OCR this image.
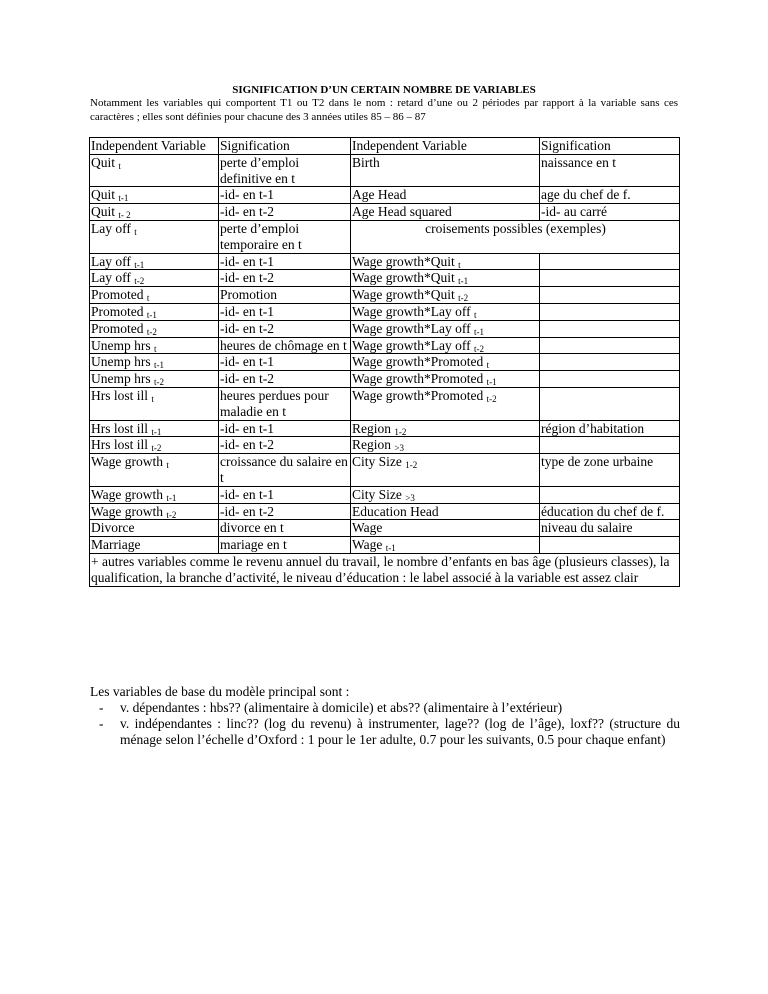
SIGNIFICATION D’UN CERTAIN NOMBRE DE VARIABLES
Notamment les variables qui comportent T1 ou T2 dans le nom : retard d’une ou 2 périodes par rapport à la variable sans ces caractères ; elles sont définies pour chacune des 3 années utiles 85 – 86 – 87
Independent Variable	Signification	Independent Variable	Signification
Quit $_t$	perte d’emploi definitive en t	Birth	naissance en t
Quit $_{t-1}$	-id- en t-1	Age Head	age du chef de f.
Quit $_{t- 2}$	-id- en t-2	Age Head squared	-id- au carré
Lay off $_t$	perte d’emploi temporaire en t	croisements possibles (exemples)	
Lay off $_{t-1}$	-id- en t-1	Wage growth*Quit $_t$	
Lay off $_{t-2}$	-id- en t-2	Wage growth*Quit $_{t-1}$	
Promoted $_t$	Promotion	Wage growth*Quit $_{t-2}$	
Promoted $_{t-1}$	-id- en t-1	Wage growth*Lay off $_t$	
Promoted $_{t-2}$	-id- en t-2	Wage growth*Lay off $_{t-1}$	
Unemp hrs $_t$	heures de chômage en t	Wage growth*Lay off $_{t-2}$	
Unemp hrs $_{t-1}$	-id- en t-1	Wage growth*Promoted $_t$	
Unemp hrs $_{t-2}$	-id- en t-2	Wage growth*Promoted $_{t-1}$	
Hrs lost ill $_t$	heures perdues pour maladie en t	Wage growth*Promoted $_{t-2}$	
Hrs lost ill $_{t-1}$	-id- en t-1	Region $_{1-2}$	région d’habitation
Hrs lost ill $_{t-2}$	-id- en t-2	Region $_{>3}$	
Wage growth $_t$	croissance du salaire en t	City Size $_{1-2}$	type de zone urbaine
Wage growth $_{t-1}$	-id- en t-1	City Size $_{>3}$	
Wage growth $_{t-2}$	-id- en t-2	Education Head	éducation du chef de f.
Divorce	divorce en t	Wage	niveau du salaire
Marriage	mariage en t	Wage $_{t-1}$	
+ autres variables comme le revenu annuel du travail, le nombre d’enfants en bas âge (plusieurs classes), la qualification, la branche d’activité, le niveau d’éducation : le label associé à la variable est assez clair			
Les variables de base du modèle principal sont :
- v. dépendantes : hbs?? (alimentaire à domicile) et abs?? (alimentaire à l’extérieur)
- v. indépendantes : linc?? (log du revenu) à instrumenter, lage?? (log de l’âge), loxf?? (structure du ménage selon l’échelle d’Oxford : 1 pour le 1er adulte, 0.7 pour les suivants, 0.5 pour chaque enfant)
